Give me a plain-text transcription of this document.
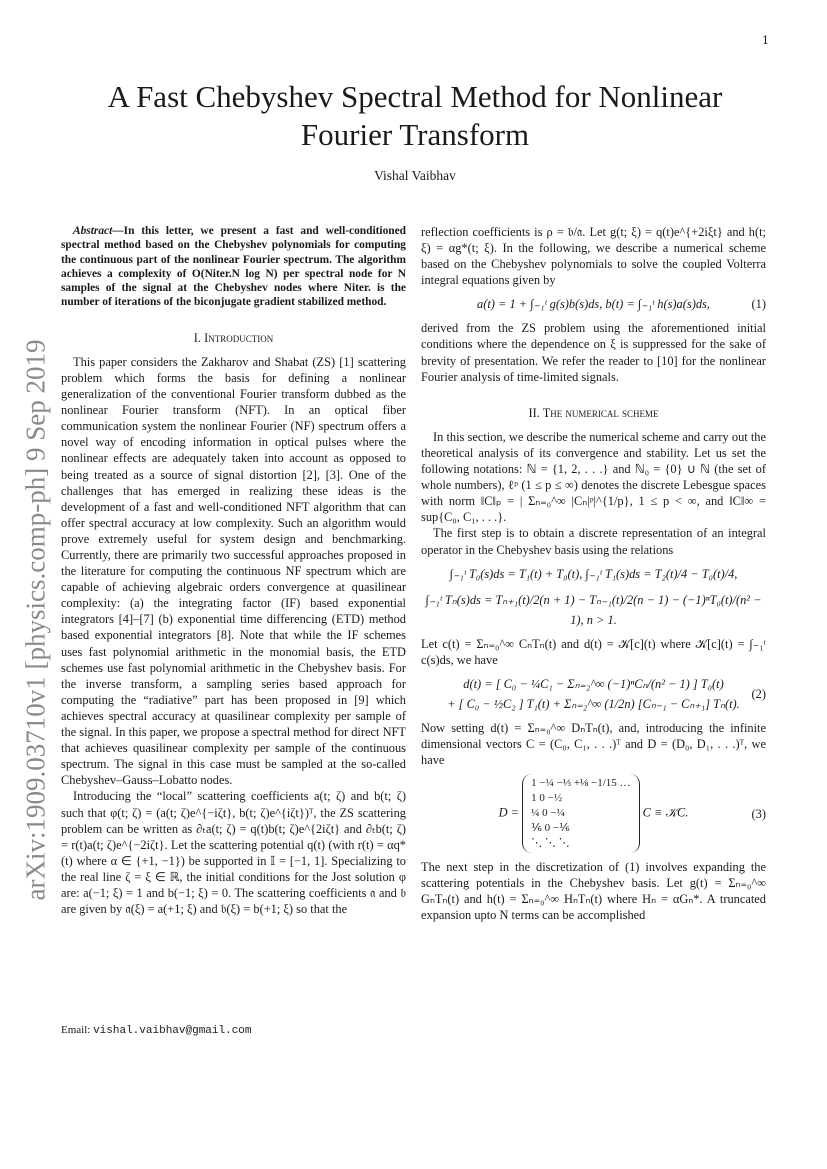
1
arXiv:1909.03710v1 [physics.comp-ph] 9 Sep 2019
A Fast Chebyshev Spectral Method for Nonlinear Fourier Transform
Vishal Vaibhav

Abstract—In this letter, we present a fast and well-conditioned spectral method based on the Chebyshev polynomials for computing the continuous part of the nonlinear Fourier spectrum. The algorithm achieves a complexity of O(Niter.N log N) per spectral node for N samples of the signal at the Chebyshev nodes where Niter. is the number of iterations of the biconjugate gradient stabilized method.

I. Introduction

This paper considers the Zakharov and Shabat (ZS) [1] scattering problem which forms the basis for defining a nonlinear generalization of the conventional Fourier transform dubbed as the nonlinear Fourier transform (NFT). In an optical fiber communication system the nonlinear Fourier (NF) spectrum offers a novel way of encoding information in optical pulses where the nonlinear effects are adequately taken into account as opposed to being treated as a source of signal distortion [2], [3]. One of the challenges that has emerged in realizing these ideas is the development of a fast and well-conditioned NFT algorithm that can offer spectral accuracy at low complexity. Such an algorithm would prove extremely useful for system design and benchmarking. Currently, there are primarily two successful approaches proposed in the literature for computing the continuous NF spectrum which are capable of achieving algebraic orders convergence at quasilinear complexity: (a) the integrating factor (IF) based exponential integrators [4]–[7] (b) exponential time differencing (ETD) method based exponential integrators [8]. Note that while the IF schemes uses fast polynomial arithmetic in the monomial basis, the ETD schemes use fast polynomial arithmetic in the Chebyshev basis. For the inverse transform, a sampling series based approach for computing the “radiative” part has been proposed in [9] which achieves spectral accuracy at quasilinear complexity per sample of the signal. In this paper, we propose a spectral method for direct NFT that achieves quasilinear complexity per sample of the continuous spectrum. The signal in this case must be sampled at the so-called Chebyshev–Gauss–Lobatto nodes.

Introducing the “local” scattering coefficients a(t; ζ) and b(t; ζ) such that φ(t; ζ) = (a(t; ζ)e^{−iζt}, b(t; ζ)e^{iζt})ᵀ, the ZS scattering problem can be written as ∂ₜa(t; ζ) = q(t)b(t; ζ)e^{2iζt} and ∂ₜb(t; ζ) = r(t)a(t; ζ)e^{−2iζt}. Let the scattering potential q(t) (with r(t) = αq*(t) where α ∈ {+1, −1}) be supported in 𝕀 = [−1, 1]. Specializing to the real line ζ = ξ ∈ ℝ, the initial conditions for the Jost solution φ are: a(−1; ξ) = 1 and b(−1; ξ) = 0. The scattering coefficients 𝔞 and 𝔟 are given by 𝔞(ξ) = a(+1; ξ) and 𝔟(ξ) = b(+1; ξ) so that the

Email: vishal.vaibhav@gmail.com

reflection coefficients is ρ = 𝔟/𝔞. Let g(t; ξ) = q(t)e^{+2iξt} and h(t; ξ) = αg*(t; ξ). In the following, we describe a numerical scheme based on the Chebyshev polynomials to solve the coupled Volterra integral equations given by

a(t) = 1 + ∫₋₁ᵗ g(s)b(s)ds, b(t) = ∫₋₁ᵗ h(s)a(s)ds,	(1)

derived from the ZS problem using the aforementioned initial conditions where the dependence on ξ is suppressed for the sake of brevity of presentation. We refer the reader to [10] for the nonlinear Fourier analysis of time-limited signals.

II. The numerical scheme

In this section, we describe the numerical scheme and carry out the theoretical analysis of its convergence and stability. Let us set the following notations: ℕ = {1, 2, . . .} and ℕ₀ = {0} ∪ ℕ (the set of whole numbers), ℓᵖ (1 ≤ p ≤ ∞) denotes the discrete Lebesgue spaces with norm ‖C‖ₚ = | Σₙ₌₀^∞ |Cₙ|ᵖ|^{1/p}, 1 ≤ p < ∞, and ‖C‖∞ = sup{C₀, C₁, . . .}.

The first step is to obtain a discrete representation of an integral operator in the Chebyshev basis using the relations

∫₋₁ᵗ T₀(s)ds = T₁(t) + T₀(t), ∫₋₁ᵗ T₁(s)ds = T₂(t)/4 − T₀(t)/4,
∫₋₁ᵗ Tₙ(s)ds = Tₙ₊₁(t)/2(n + 1) − Tₙ₋₁(t)/2(n − 1) − (−1)ⁿT₀(t)/(n² − 1), n > 1.

Let c(t) = Σₙ₌₀^∞ CₙTₙ(t) and d(t) = 𝒦[c](t) where 𝒦[c](t) = ∫₋₁ᵗ c(s)ds, we have

d(t) = [ C₀ − ¼C₁ − Σₙ₌₂^∞ (−1)ⁿCₙ/(n² − 1) ] T₀(t)
+ [ C₀ − ½C₂ ] T₁(t) + Σₙ₌₂^∞ (1/2n) [Cₙ₋₁ − Cₙ₊₁] Tₙ(t).
(2)

Now setting d(t) = Σₙ₌₀^∞ DₙTₙ(t), and, introducing the infinite dimensional vectors C = (C₀, C₁, . . .)ᵀ and D = (D₀, D₁, . . .)ᵀ, we have

D =
1 −¼ −⅓ +⅛ −1/15 …
1 0 −½
¼ 0 −¼
⅙ 0 −⅙
⋱ ⋱ ⋱
C ≡ 𝒦C.	(3)

The next step in the discretization of (1) involves expanding the scattering potentials in the Chebyshev basis. Let g(t) = Σₙ₌₀^∞ GₙTₙ(t) and h(t) = Σₙ₌₀^∞ HₙTₙ(t) where Hₙ = αGₙ*. A truncated expansion upto N terms can be accomplished
